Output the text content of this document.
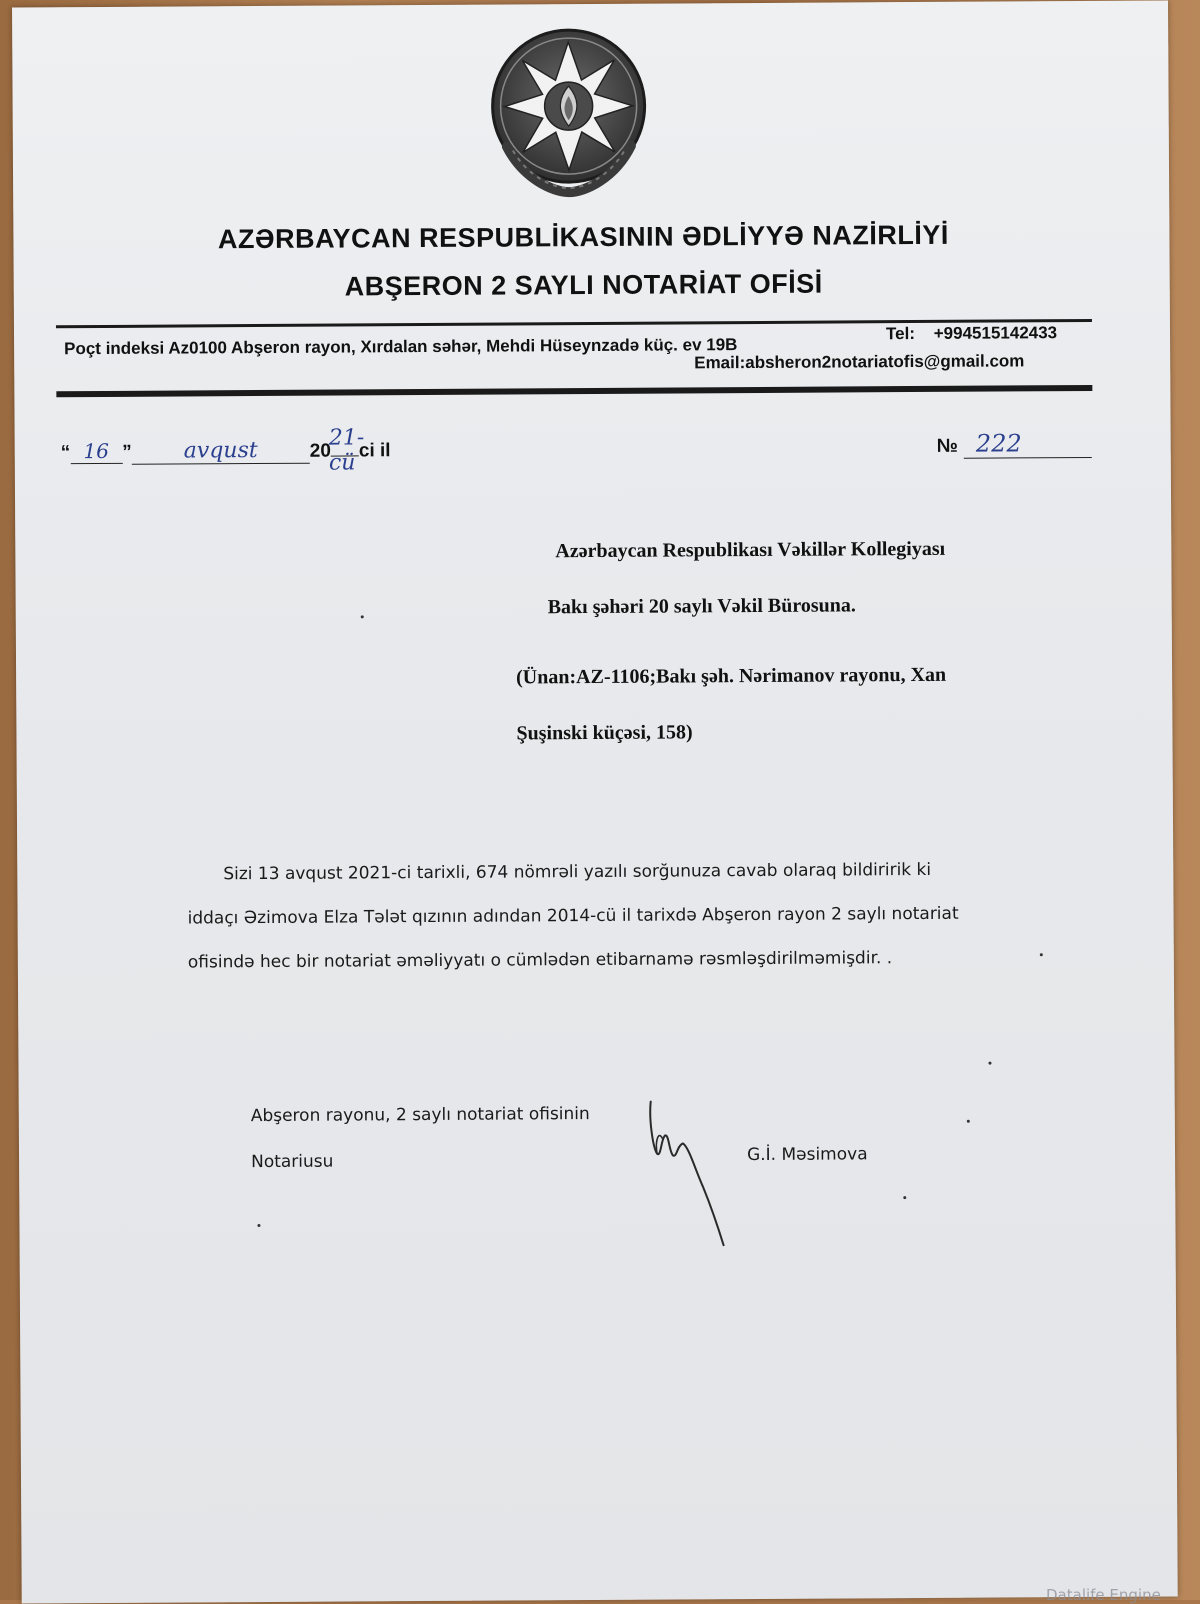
AZƏRBAYCAN RESPUBLİKASININ ƏDLİYYƏ NAZİRLİYİ
ABŞERON 2 SAYLI NOTARİAT OFİSİ
Poçt indeksi Az0100 Abşeron rayon, Xırdalan səhər, Mehdi Hüseynzadə küç. ev 19B
Tel: +994515142433
Email:absheron2notariatofis@gmail.com
“ 16 ” avqust	20
21-cü ci il	№ 222
Azərbaycan Respublikası Vəkillər Kollegiyası
Bakı şəhəri 20 saylı Vəkil Bürosuna.
(Ünan:AZ-1106;Bakı şəh. Nərimanov rayonu, Xan
Şuşinski küçəsi, 158)
Sizi 13 avqust 2021-ci tarixli, 674 nömrəli yazılı sorğunuza cavab olaraq bildiririk ki
iddaçı Əzimova Elza Tələt qızının adından 2014-cü il tarixdə Abşeron rayon 2 saylı notariat
ofisində hec bir notariat əməliyyatı o cümlədən etibarnamə rəsmləşdirilməmişdir. .
Abşeron rayonu, 2 saylı notariat ofisinin
Notariusu	G.İ. Məsimova
Datalife Engine
